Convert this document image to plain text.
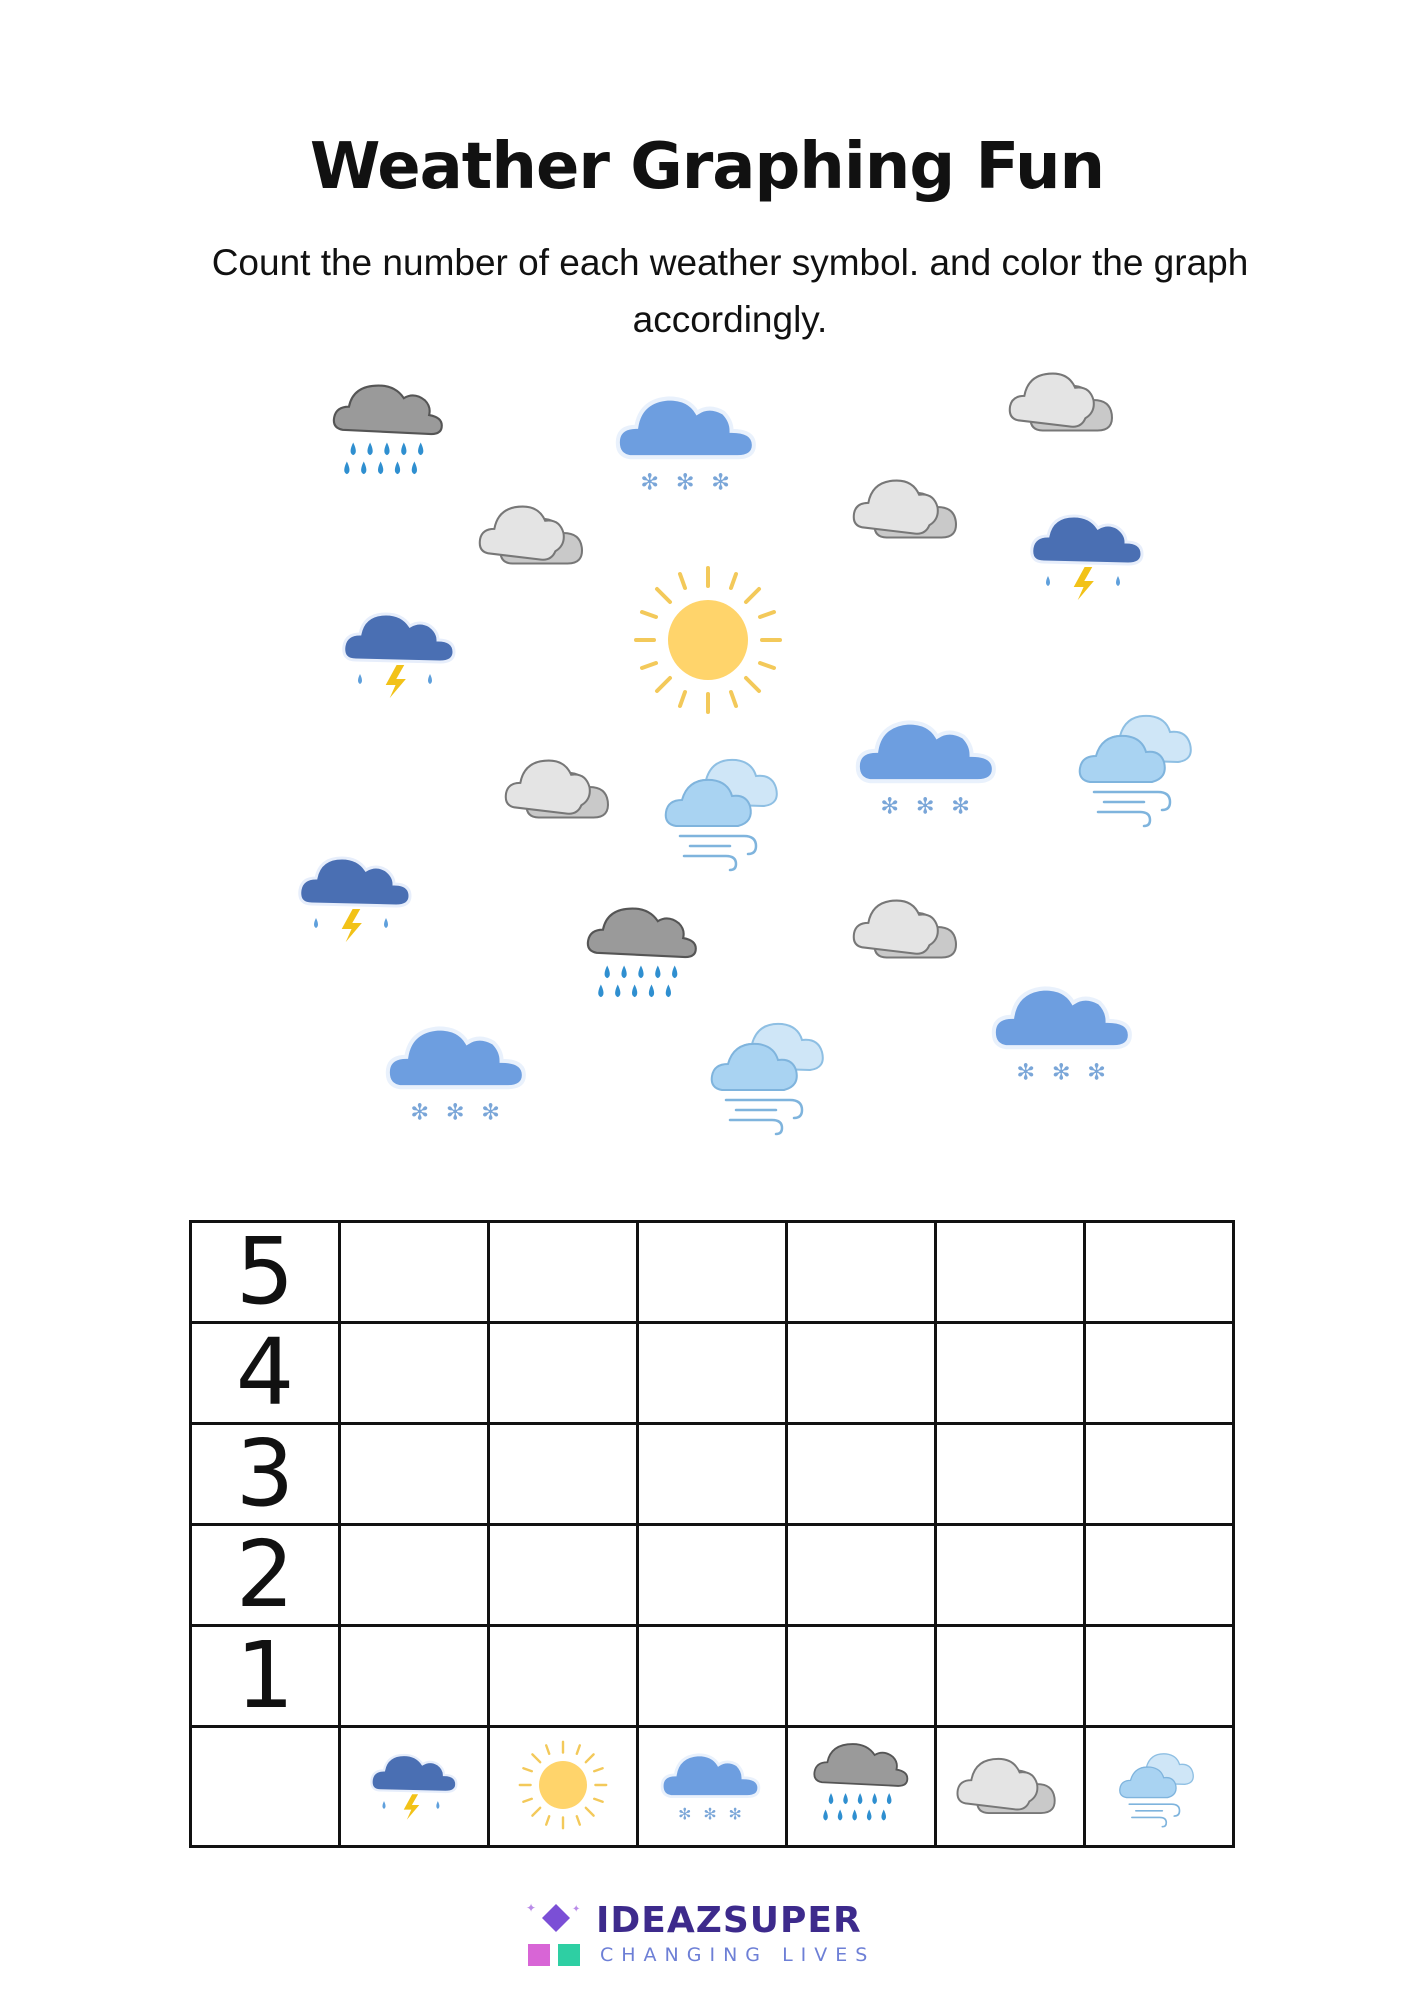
Weather Graphing Fun
Count the number of each weather symbol. and color the graph accordingly.
5						
4						
3						
2						
1						

✦	✦ IDEAZSUPER
CHANGING LIVES
